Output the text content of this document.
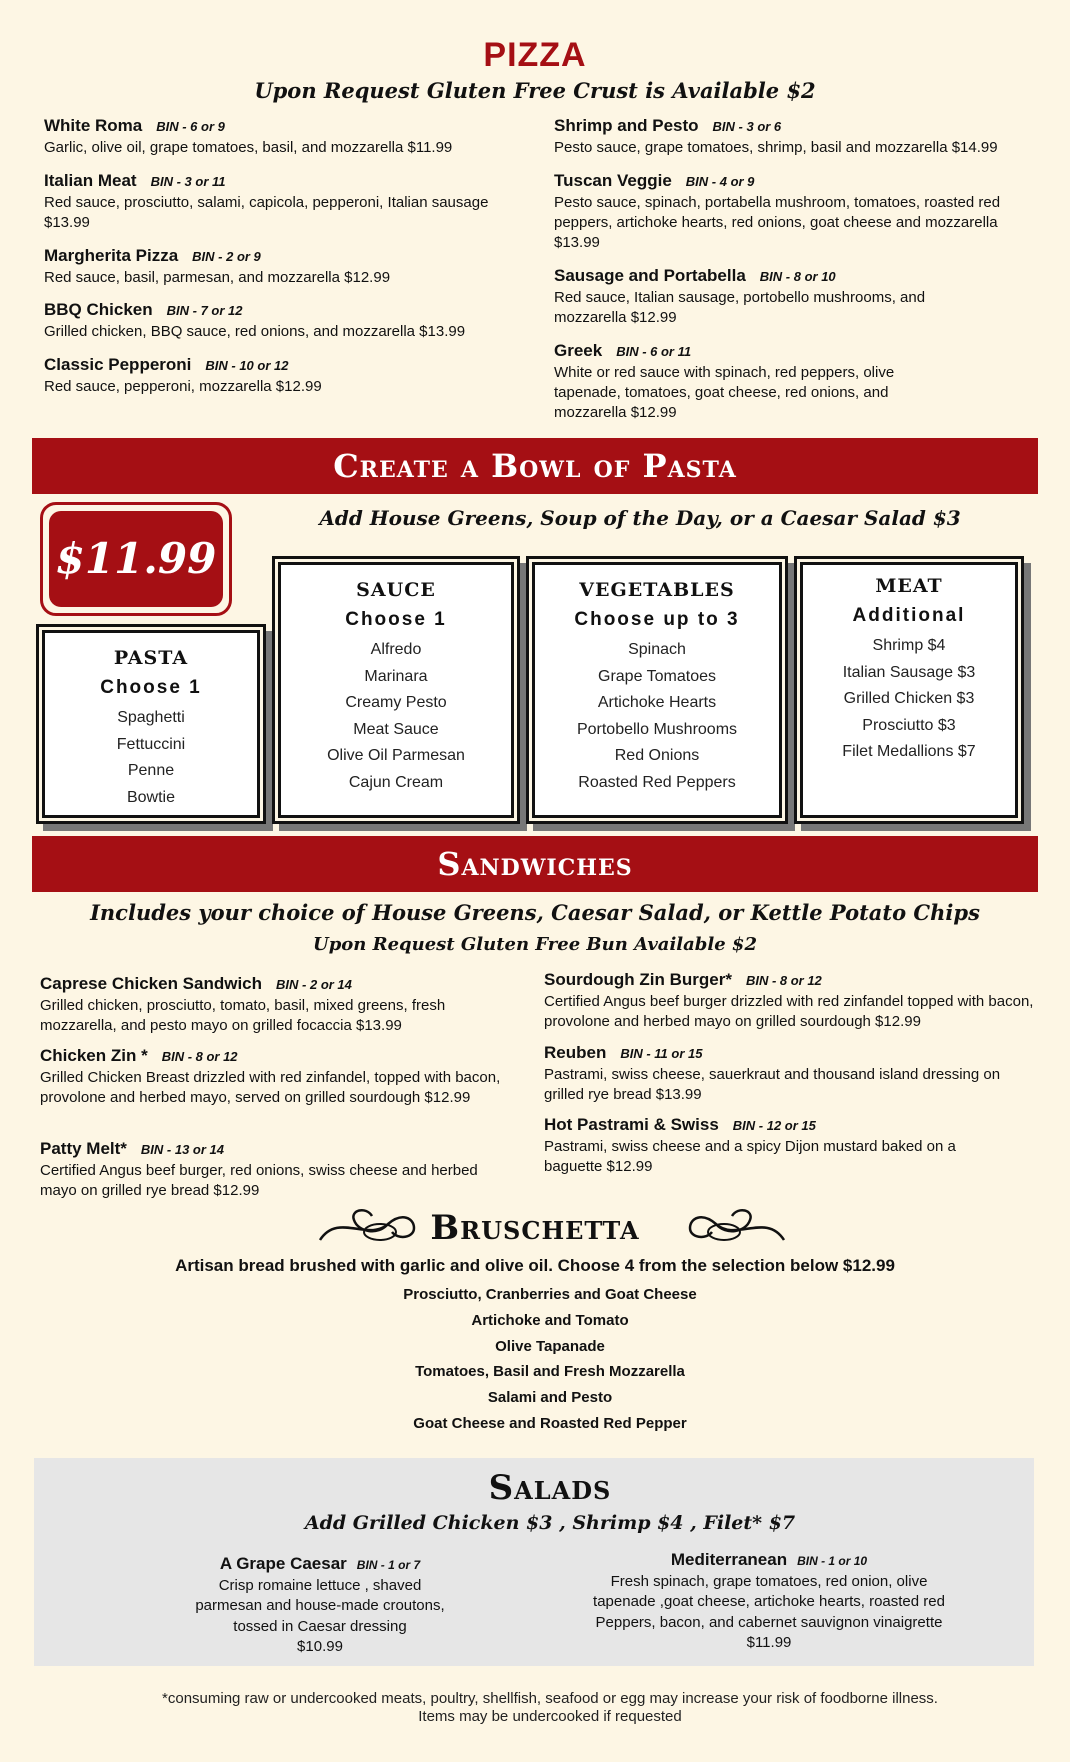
PIZZA
Upon Request Gluten Free Crust is Available $2
White Roma BIN - 6 or 9
Garlic, olive oil, grape tomatoes, basil, and mozzarella $11.99
Italian Meat BIN - 3 or 11
Red sauce, prosciutto, salami, capicola, pepperoni, Italian sausage $13.99
Margherita Pizza BIN - 2 or 9
Red sauce, basil, parmesan, and mozzarella $12.99
BBQ Chicken BIN - 7 or 12
Grilled chicken, BBQ sauce, red onions, and mozzarella $13.99
Classic Pepperoni BIN - 10 or 12
Red sauce, pepperoni, mozzarella $12.99
Shrimp and Pesto BIN - 3 or 6
Pesto sauce, grape tomatoes, shrimp, basil and mozzarella $14.99
Tuscan Veggie BIN - 4 or 9
Pesto sauce, spinach, portabella mushroom, tomatoes, roasted red peppers, artichoke hearts, red onions, goat cheese and mozzarella $13.99
Sausage and Portabella BIN - 8 or 10
Red sauce, Italian sausage, portobello mushrooms, and mozzarella $12.99
Greek BIN - 6 or 11
White or red sauce with spinach, red peppers, olive tapenade, tomatoes, goat cheese, red onions, and mozzarella $12.99
Create a Bowl of Pasta
$11.99
Add House Greens, Soup of the Day, or a Caesar Salad $3
PASTA
Choose 1
Spaghetti
Fettuccini
Penne
Bowtie
SAUCE
Choose 1
Alfredo
Marinara
Creamy Pesto
Meat Sauce
Olive Oil Parmesan
Cajun Cream
VEGETABLES
Choose up to 3
Spinach
Grape Tomatoes
Artichoke Hearts
Portobello Mushrooms
Red Onions
Roasted Red Peppers
MEAT
Additional
Shrimp $4
Italian Sausage $3
Grilled Chicken $3
Prosciutto $3
Filet Medallions $7
Sandwiches
Includes your choice of House Greens, Caesar Salad, or Kettle Potato Chips
Upon Request Gluten Free Bun Available $2
Caprese Chicken Sandwich BIN - 2 or 14
Grilled chicken, prosciutto, tomato, basil, mixed greens, fresh mozzarella, and pesto mayo on grilled focaccia $13.99
Chicken Zin * BIN - 8 or 12
Grilled Chicken Breast drizzled with red zinfandel, topped with bacon, provolone and herbed mayo, served on grilled sourdough $12.99
Patty Melt* BIN - 13 or 14
Certified Angus beef burger, red onions, swiss cheese and herbed mayo on grilled rye bread $12.99
Sourdough Zin Burger* BIN - 8 or 12
Certified Angus beef burger drizzled with red zinfandel topped with bacon, provolone and herbed mayo on grilled sourdough $12.99
Reuben BIN - 11 or 15
Pastrami, swiss cheese, sauerkraut and thousand island dressing on grilled rye bread $13.99
Hot Pastrami & Swiss BIN - 12 or 15
Pastrami, swiss cheese and a spicy Dijon mustard baked on a baguette $12.99
Bruschetta
Artisan bread brushed with garlic and olive oil. Choose 4 from the selection below $12.99
Prosciutto, Cranberries and Goat Cheese
Artichoke and Tomato
Olive Tapanade
Tomatoes, Basil and Fresh Mozzarella
Salami and Pesto
Goat Cheese and Roasted Red Pepper
Salads
Add Grilled Chicken $3 , Shrimp $4 , Filet* $7
A Grape Caesar BIN - 1 or 7
Crisp romaine lettuce , shaved parmesan and house-made croutons, tossed in Caesar dressing
$10.99
Mediterranean BIN - 1 or 10
Fresh spinach, grape tomatoes, red onion, olive tapenade ,goat cheese, artichoke hearts, roasted red Peppers, bacon, and cabernet sauvignon vinaigrette
$11.99
*consuming raw or undercooked meats, poultry, shellfish, seafood or egg may increase your risk of foodborne illness.
Items may be undercooked if requested
